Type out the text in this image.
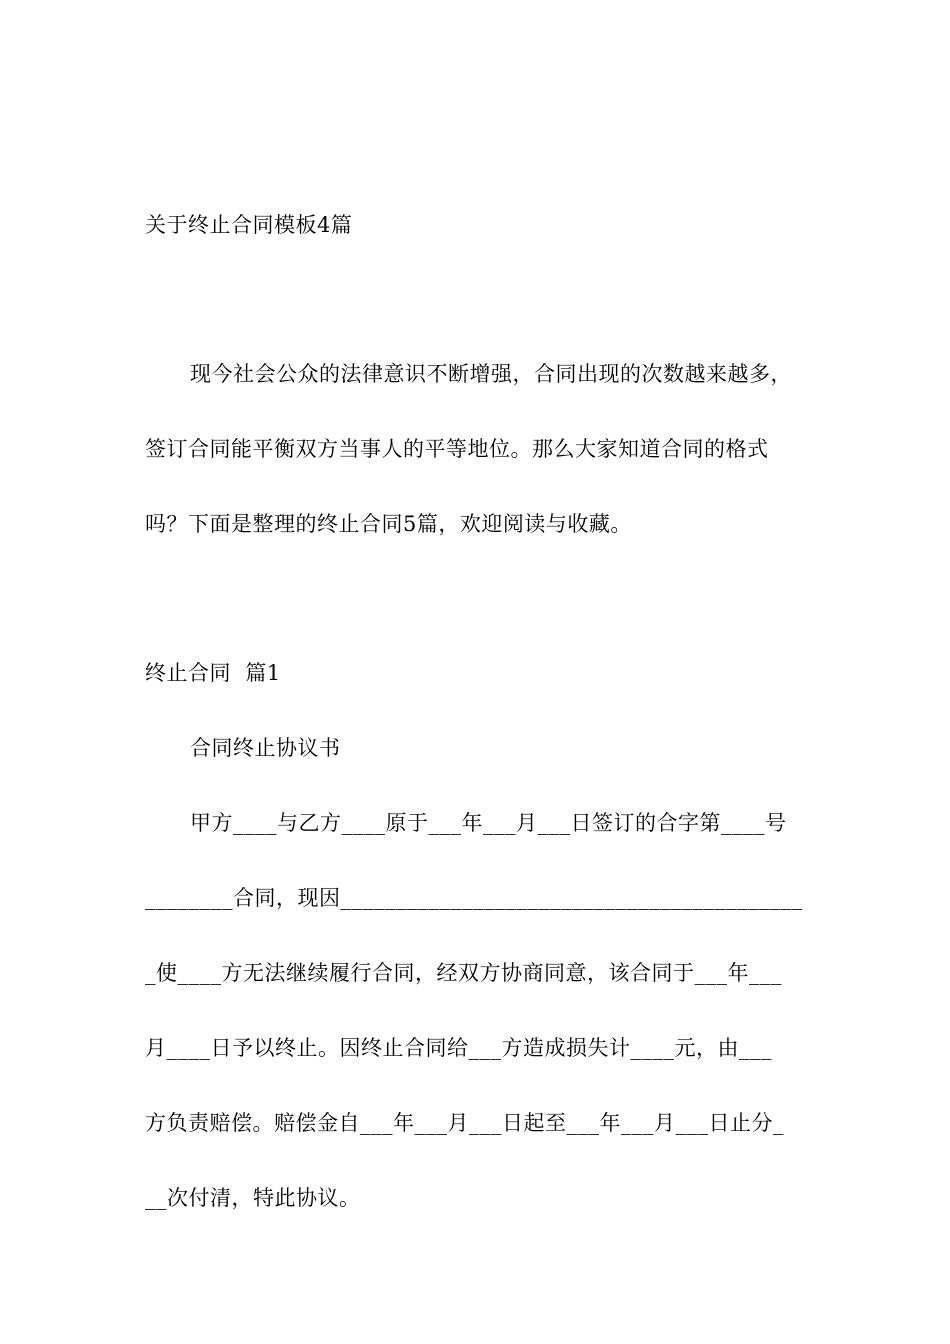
关于终止合同模板4篇
现今社会公众的法律意识不断增强，合同出现的次数越来越多，
签订合同能平衡双方当事人的平等地位。那么大家知道合同的格式
吗？下面是整理的终止合同5篇，欢迎阅读与收藏。
终止合同  篇1
合同终止协议书
甲方____与乙方____原于___年___月___日签订的合字第____号
________合同，现因__________________________________________
_使____方无法继续履行合同，经双方协商同意，该合同于___年___
月____日予以终止。因终止合同给___方造成损失计____元，由___
方负责赔偿。赔偿金自___年___月___日起至___年___月___日止分_
__次付清，特此协议。
